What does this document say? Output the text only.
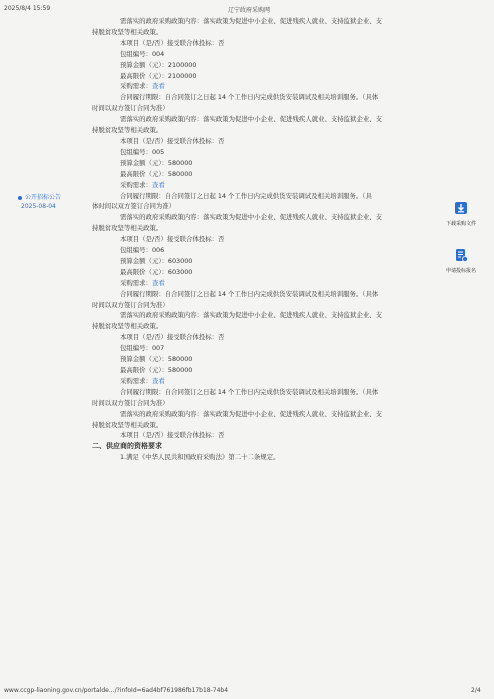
2025/8/4 15:59	辽宁政府采购网
公开招标公告
2025-08-04
需落实的政府采购政策内容：落实政策为促进中小企业、促进残疾人就业、支持监狱企业、支
持脱贫攻坚等相关政策。
本项目（是/否）接受联合体投标：否
包组编号：004
预算金额（元）：2100000
最高限价（元）：2100000
采购需求：查看
合同履行期限：自合同签订之日起 14 个工作日内完成供货安装调试及相关培训服务。（具体
时间以双方签订合同为准）
需落实的政府采购政策内容：落实政策为促进中小企业、促进残疾人就业、支持监狱企业、支
持脱贫攻坚等相关政策。
本项目（是/否）接受联合体投标：否
包组编号：005
预算金额（元）：580000
最高限价（元）：580000
采购需求：查看
合同履行期限：自合同签订之日起 14 个工作日内完成供货安装调试及相关培训服务。（具
体时间以双方签订合同为准）
需落实的政府采购政策内容：落实政策为促进中小企业、促进残疾人就业、支持监狱企业、支
持脱贫攻坚等相关政策。
本项目（是/否）接受联合体投标：否
包组编号：006
预算金额（元）：603000
最高限价（元）：603000
采购需求：查看
合同履行期限：自合同签订之日起 14 个工作日内完成供货安装调试及相关培训服务。（具体
时间以双方签订合同为准）
需落实的政府采购政策内容：落实政策为促进中小企业、促进残疾人就业、支持监狱企业、支
持脱贫攻坚等相关政策。
本项目（是/否）接受联合体投标：否
包组编号：007
预算金额（元）：580000
最高限价（元）：580000
采购需求：查看
合同履行期限：自合同签订之日起 14 个工作日内完成供货安装调试及相关培训服务。（具体
时间以双方签订合同为准）
需落实的政府采购政策内容：落实政策为促进中小企业、促进残疾人就业、支持监狱企业、支
持脱贫攻坚等相关政策。
本项目（是/否）接受联合体投标：否
二、供应商的资格要求
1.满足《中华人民共和国政府采购法》第二十二条规定。
下载采购文件
申请投标报名
www.ccgp-liaoning.gov.cn/portalde.../?infoId=6ad4bf761986fb17b18-74b4	2/4
